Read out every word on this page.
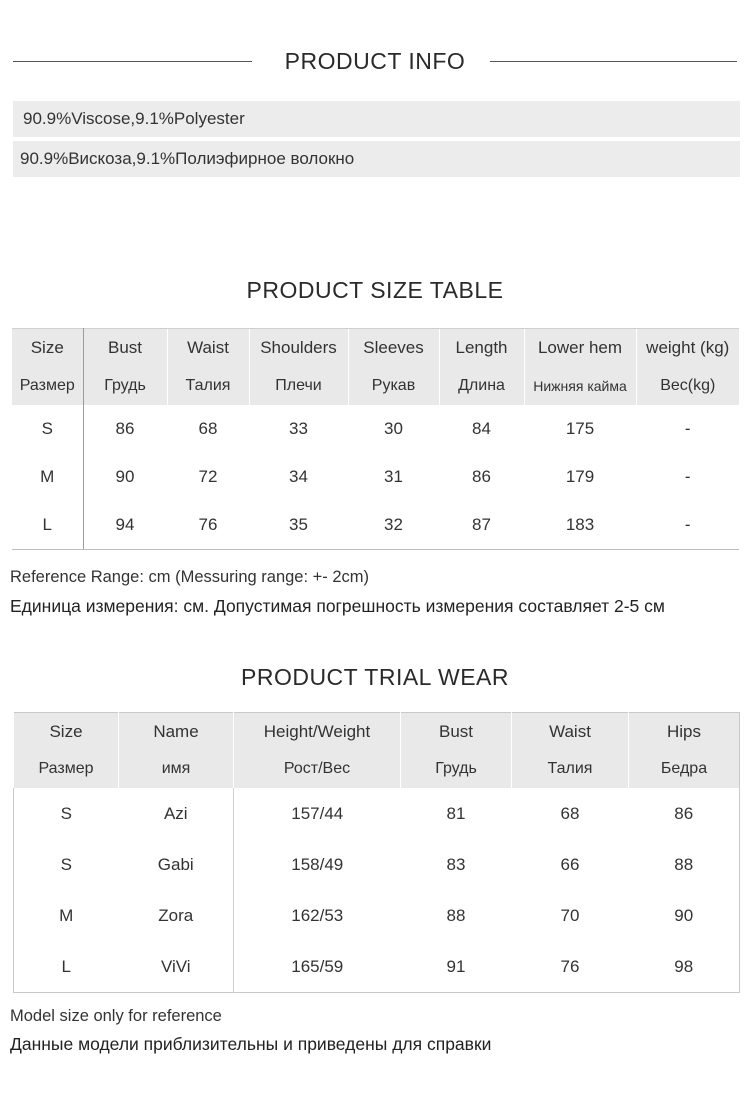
PRODUCT INFO
90.9%Viscose,9.1%Polyester
90.9%Вискоза,9.1%Полиэфирное волокно
PRODUCT SIZE TABLE
Size	Bust	Waist	Shoulders	Sleeves	Length	Lower hem	weight (kg)
Размер	Грудь	Талия	Плечи	Рукав	Длина	Нижняя кайма	Вес(kg)
S	86	68	33	30	84	175	-
M	90	72	34	31	86	179	-
L	94	76	35	32	87	183	-
Reference Range: cm (Messuring range: +- 2cm)
Единица измерения: см. Допустимая погрешность измерения составляет 2-5 см
PRODUCT TRIAL WEAR
Size	Name	Height/Weight	Bust	Waist	Hips
Размер	имя	Рост/Вес	Грудь	Талия	Бедра
S	Azi	157/44	81	68	86
S	Gabi	158/49	83	66	88
M	Zora	162/53	88	70	90
L	ViVi	165/59	91	76	98
Model size only for reference
Данные модели приблизительны и приведены для справки
